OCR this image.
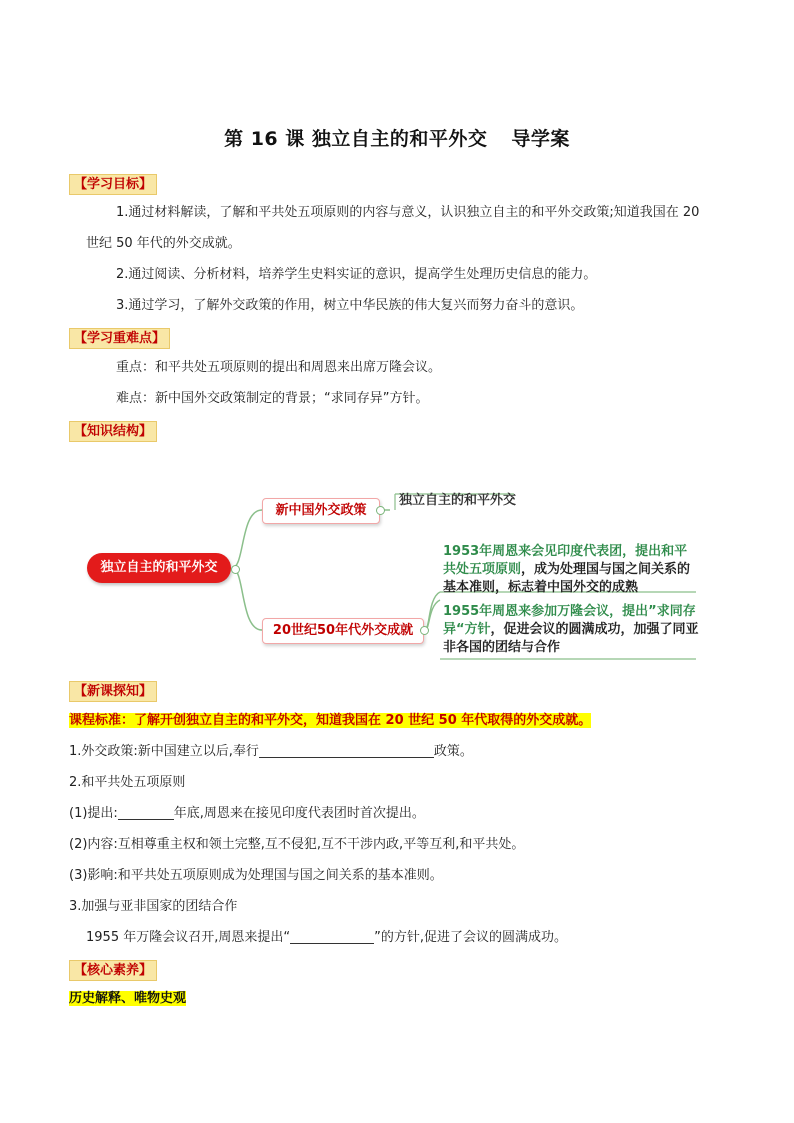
第 16 课 独立自主的和平外交 导学案
【学习目标】
1.通过材料解读，了解和平共处五项原则的内容与意义，认识独立自主的和平外交政策;知道我国在 20
世纪 50 年代的外交成就。
2.通过阅读、分析材料，培养学生史料实证的意识，提高学生处理历史信息的能力。
3.通过学习，了解外交政策的作用，树立中华民族的伟大复兴而努力奋斗的意识。
【学习重难点】
重点：和平共处五项原则的提出和周恩来出席万隆会议。
难点：新中国外交政策制定的背景；“求同存异”方针。
【知识结构】
独立自主的和平外交
新中国外交政策
独立自主的和平外交
20世纪50年代外交成就
1953年周恩来会见印度代表团，提出和平共处五项原则，成为处理国与国之间关系的基本准则，标志着中国外交的成熟
1955年周恩来参加万隆会议，提出”求同存异“方针，促进会议的圆满成功，加强了同亚非各国的团结与合作
【新课探知】
课程标准：了解开创独立自主的和平外交，知道我国在 20 世纪 50 年代取得的外交成就。
1.外交政策:新中国建立以后,奉行	政策。
2.和平共处五项原则
(1)提出:	年底,周恩来在接见印度代表团时首次提出。
(2)内容:互相尊重主权和领土完整,互不侵犯,互不干涉内政,平等互利,和平共处。
(3)影响:和平共处五项原则成为处理国与国之间关系的基本准则。
3.加强与亚非国家的团结合作
1955 年万隆会议召开,周恩来提出“	”的方针,促进了会议的圆满成功。
【核心素养】
历史解释、唯物史观
